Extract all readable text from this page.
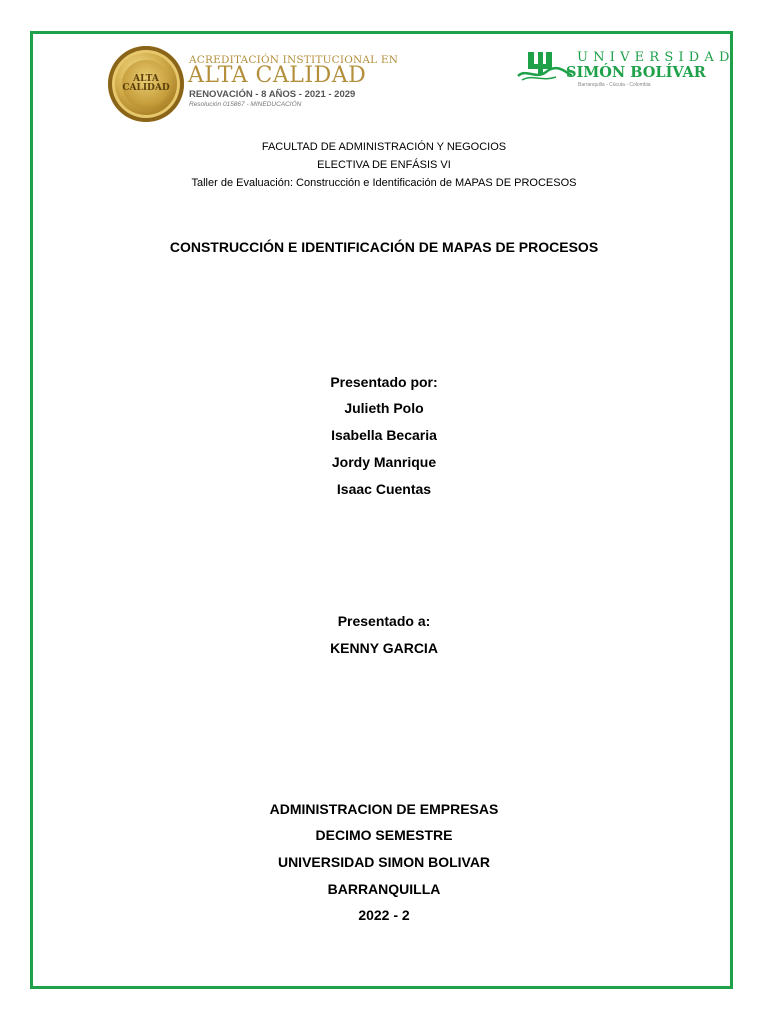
ALTA
CALIDAD
ACREDITACIÓN INSTITUCIONAL EN
ALTA CALIDAD
RENOVACIÓN - 8 AÑOS - 2021 - 2029
Resolución 015867 - MINEDUCACIÓN
UNIVERSIDAD
SIMÓN BOLÍVAR
Barranquilla - Cúcuta - Colombia
FACULTAD DE ADMINISTRACIÓN Y NEGOCIOS
ELECTIVA DE ENFÁSIS VI
Taller de Evaluación: Construcción e Identificación de MAPAS DE PROCESOS
CONSTRUCCIÓN E IDENTIFICACIÓN DE MAPAS DE PROCESOS
Presentado por:
Julieth Polo
Isabella Becaria
Jordy Manrique
Isaac Cuentas
Presentado a:
KENNY GARCIA
ADMINISTRACION DE EMPRESAS
DECIMO SEMESTRE
UNIVERSIDAD SIMON BOLIVAR
BARRANQUILLA
2022 - 2
